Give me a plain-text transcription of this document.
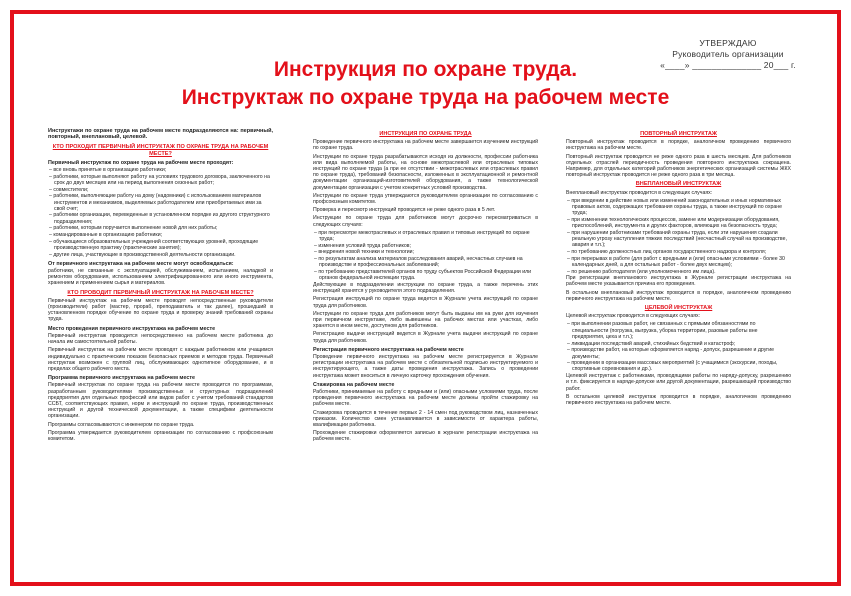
УТВЕРЖДАЮ
Руководитель организации
«____» ______________ 20___ г.
Инструкция по охране труда.
Инструктаж по охране труда на рабочем месте
Инструктажи по охране труда на рабочем месте подразделяются на: первичный, повторный, внеплановый, целевой.
КТО ПРОХОДИТ ПЕРВИЧНЫЙ ИНСТРУКТАЖ ПО ОХРАНЕ ТРУДА НА РАБОЧЕМ МЕСТЕ?
Первичный инструктаж по охране труда на рабочем месте проходят:
– все вновь принятые в организацию работники;
– работники, которые выполняют работу на условиях трудового договора, заключенного на срок до двух месяцев или на период выполнения сезонных работ;
– совместители;
– работники, выполняющие работу на дому (надомники) с использованием материалов инструментов и механизмов, выделяемых работодателем или приобретаемых ими за свой счет;
– работники организации, переведенные в установленном порядке из другого структурного подразделения;
– работники, которым поручается выполнение новой для них работы;
– командированные в организацию работники;
– обучающиеся образовательных учреждений соответствующих уровней, проходящие производственную практику (практические занятия);
– другие лица, участвующие в производственной деятельности организации.
От первичного инструктажа на рабочем месте могут освобождаться:
работники, не связанные с эксплуатацией, обслуживанием, испытанием, наладкой и ремонтом оборудования, использованием электрифицированного или иного инструмента, хранением и применением сырья и материалов.
КТО ПРОВОДИТ ПЕРВИЧНЫЙ ИНСТРУКТАЖ НА РАБОЧЕМ МЕСТЕ?
Первичный инструктаж на рабочем месте проводят непосредственные руководители (производители) работ (мастер, прораб, преподаватель и так далее), прошедший в установленном порядке обучение по охране труда и проверку знаний требований охраны труда.
Место проведения первичного инструктажа на рабочем месте
Первичный инструктаж проводится непосредственно на рабочем месте работника до начала им самостоятельной работы.
Первичный инструктаж на рабочем месте проводят с каждым работником или учащимся индивидуально с практическим показом безопасных приемов и методов труда. Первичный инструктаж возможен с группой лиц, обслуживающих однотипное оборудование, и в пределах общего рабочего места.
Программа первичного инструктажа на рабочем месте
Первичный инструктаж по охране труда на рабочем месте проводится по программам, разработанным руководителями производственных и структурных подразделений предприятия для отдельных профессий или видов работ с учетом требований стандартов ССБТ, соответствующих правил, норм и инструкций по охране труда, производственных инструкций и другой технической документации, а также специфики деятельности организации.
Программы согласовываются с инженером по охране труда.
Программа утверждается руководителем организации по согласованию с профсоюзным комитетом.
ИНСТРУКЦИЯ ПО ОХРАНЕ ТРУДА
Проведение первичного инструктажа на рабочем месте завершается изучением инструкций по охране труда.
Инструкции по охране труда разрабатываются исходя из должности, профессии работника или вида выполняемой работы, на основе межотраслевой или отраслевых типовых инструкций по охране труда (а при ее отсутствии - межотраслевых или отраслевых правил по охране труда), требований безопасности, изложенных в эксплуатационной и ремонтной документации организаций-изготовителей оборудования, а также технологической документации организации с учетом конкретных условий производства.
Инструкции по охране труда утверждаются руководителем организации по согласованию с профсоюзным комитетом.
Проверка и пересмотр инструкций проводится не реже одного раза в 5 лет.
Инструкции по охране труда для работников могут досрочно пересматриваться в следующих случаях:
– при пересмотре межотраслевых и отраслевых правил и типовых инструкций по охране труда;
– изменения условий труда работников;
– внедрения новой техники и технологии;
– по результатам анализа материалов расследования аварий, несчастных случаев на производстве и профессиональных заболеваний;
– по требованию представителей органов по труду субъектов Российской Федерации или органов федеральной инспекции труда.
Действующие в подразделении инструкции по охране труда, а также перечень этих инструкций хранятся у руководителя этого подразделения.
Регистрация инструкций по охране труда ведется в Журнале учета инструкций по охране труда для работников.
Инструкции по охране труда для работников могут быть выданы им на руки для изучения при первичном инструктаже, либо вывешены на рабочих местах или участках, либо хранятся в ином месте, доступном для работников.
Регистрацию выдачи инструкций ведется в Журнале учета выдачи инструкций по охране труда для работников.
Регистрация первичного инструктажа на рабочем месте
Проведение первичного инструктажа на рабочем месте регистрируется в Журнале регистрации инструктажа на рабочем месте с обязательной подписью инструктируемого и инструктирующего, а также даты проведения инструктажа. Запись о проведении инструктажа может вноситься в личную карточку прохождения обучения.
Стажировка на рабочем месте
Работники, принимаемые на работу с вредными и (или) опасными условиями труда, после проведения первичного инструктажа на рабочем месте должны пройти стажировку на рабочем месте.
Стажировка проводится в течение первых 2 - 14 смен под руководством лиц, назначенных приказом. Количество смен устанавливается в зависимости от характера работы, квалификации работника.
Прохождение стажировки оформляется записью в журнале регистрации инструктажа на рабочем месте.
ПОВТОРНЫЙ ИНСТРУКТАЖ
Повторный инструктаж проводится в порядке, аналогичном проведению первичного инструктажа на рабочем месте.
Повторный инструктаж проводится не реже одного раза в шесть месяцев. Для работников отдельных отраслей периодичность проведения повторного инструктажа сокращена. Например, для отдельных категорий работников энергетических организаций системы ЖКХ повторный инструктаж проводится не реже одного раза в три месяца.
ВНЕПЛАНОВЫЙ ИНСТРУКТАЖ
Внеплановый инструктаж проводится в следующих случаях:
– при введении в действие новых или изменений законодательных и иных нормативных правовых актов, содержащих требования охраны труда, а также инструкций по охране труда;
– при изменении технологических процессов, замене или модернизации оборудования, приспособлений, инструмента и других факторов, влияющих на безопасность труда;
– при нарушении работниками требований охраны труда, если эти нарушения создали реальную угрозу наступления тяжких последствий (несчастный случай на производстве, авария и т.п.);
– по требованию должностных лиц органов государственного надзора и контроля;
– при перерывах в работе (для работ с вредными и (или) опасными условиями - более 30 календарных дней, а для остальных работ - более двух месяцев);
– по решению работодателя (или уполномоченного им лица).
При регистрации внепланового инструктажа в Журнале регистрации инструктажа на рабочем месте указывается причина его проведения.
В остальном внеплановый инструктаж проводится в порядке, аналогичном проведению первичного инструктажа на рабочем месте.
ЦЕЛЕВОЙ ИНСТРУКТАЖ
Целевой инструктаж проводится в следующих случаях:
– при выполнении разовых работ, не связанных с прямыми обязанностями по специальности (погрузка, выгрузка, уборка территории, разовые работы вне предприятия, цеха и т.п.);
– ликвидации последствий аварий, стихийных бедствий и катастроф;
– производстве работ, на которые оформляется наряд - допуск, разрешение и другие документы;
– проведении в организации массовых мероприятий (с учащимися (экскурсии, походы, спортивные соревнования и др.).
Целевой инструктаж с работниками, проводящими работы по наряду-допуску, разрешению и т.п. фиксируется в наряде-допуске или другой документации, разрешающей производство работ.
В остальном целевой инструктаж проводится в порядке, аналогичном проведению первичного инструктажа на рабочем месте.
